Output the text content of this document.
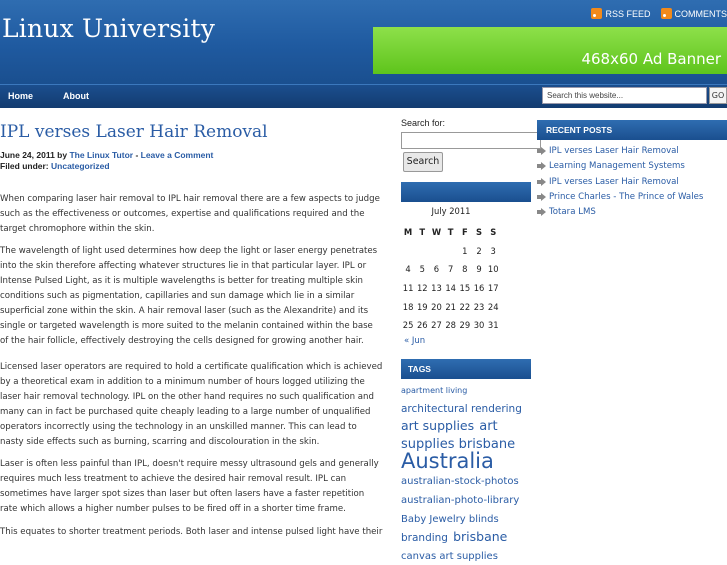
Linux University
RSS FEED	COMMENTS
468x60 Ad Banner
Home	About	Search this website...	GO
IPL verses Laser Hair Removal
June 24, 2011 by The Linux Tutor - Leave a Comment
Filed under: Uncategorized

When comparing laser hair removal to IPL hair removal there are a few aspects to judge such as the effectiveness or outcomes, expertise and qualifications required and the target chromophore within the skin.

The wavelength of light used determines how deep the light or laser energy penetrates into the skin therefore affecting whatever structures lie in that particular layer. IPL or Intense Pulsed Light, as it is multiple wavelengths is better for treating multiple skin conditions such as pigmentation, capillaries and sun damage which lie in a similar superficial zone within the skin. A hair removal laser (such as the Alexandrite) and its single or targeted wavelength is more suited to the melanin contained within the base of the hair follicle, effectively destroying the cells designed for growing another hair.

Licensed laser operators are required to hold a certificate qualification which is achieved by a theoretical exam in addition to a minimum number of hours logged utilizing the laser hair removal technology. IPL on the other hand requires no such qualification and many can in fact be purchased quite cheaply leading to a large number of unqualified operators incorrectly using the technology in an unskilled manner. This can lead to nasty side effects such as burning, scarring and discolouration in the skin.

Laser is often less painful than IPL, doesn't require messy ultrasound gels and generally requires much less treatment to achieve the desired hair removal result. IPL can sometimes have larger spot sizes than laser but often lasers have a faster repetition rate which allows a higher number pulses to be fired off in a shorter time frame.

This equates to shorter treatment periods. Both laser and intense pulsed light have their

Search for:
Search
July 2011
M	T	W	T	F	S	S
				1	2	3
4	5	6	7	8	9	10
11	12	13	14	15	16	17
18	19	20	21	22	23	24
25	26	27	28	29	30	31
« Jun
TAGS
apartment living architectural rendering art supplies art supplies brisbane Australia australian-stock-photos australian-photo-library Baby Jewelry blinds branding brisbane canvas art supplies
RECENT POSTS
IPL verses Laser Hair Removal
Learning Management Systems
IPL verses Laser Hair Removal
Prince Charles - The Prince of Wales
Totara LMS
